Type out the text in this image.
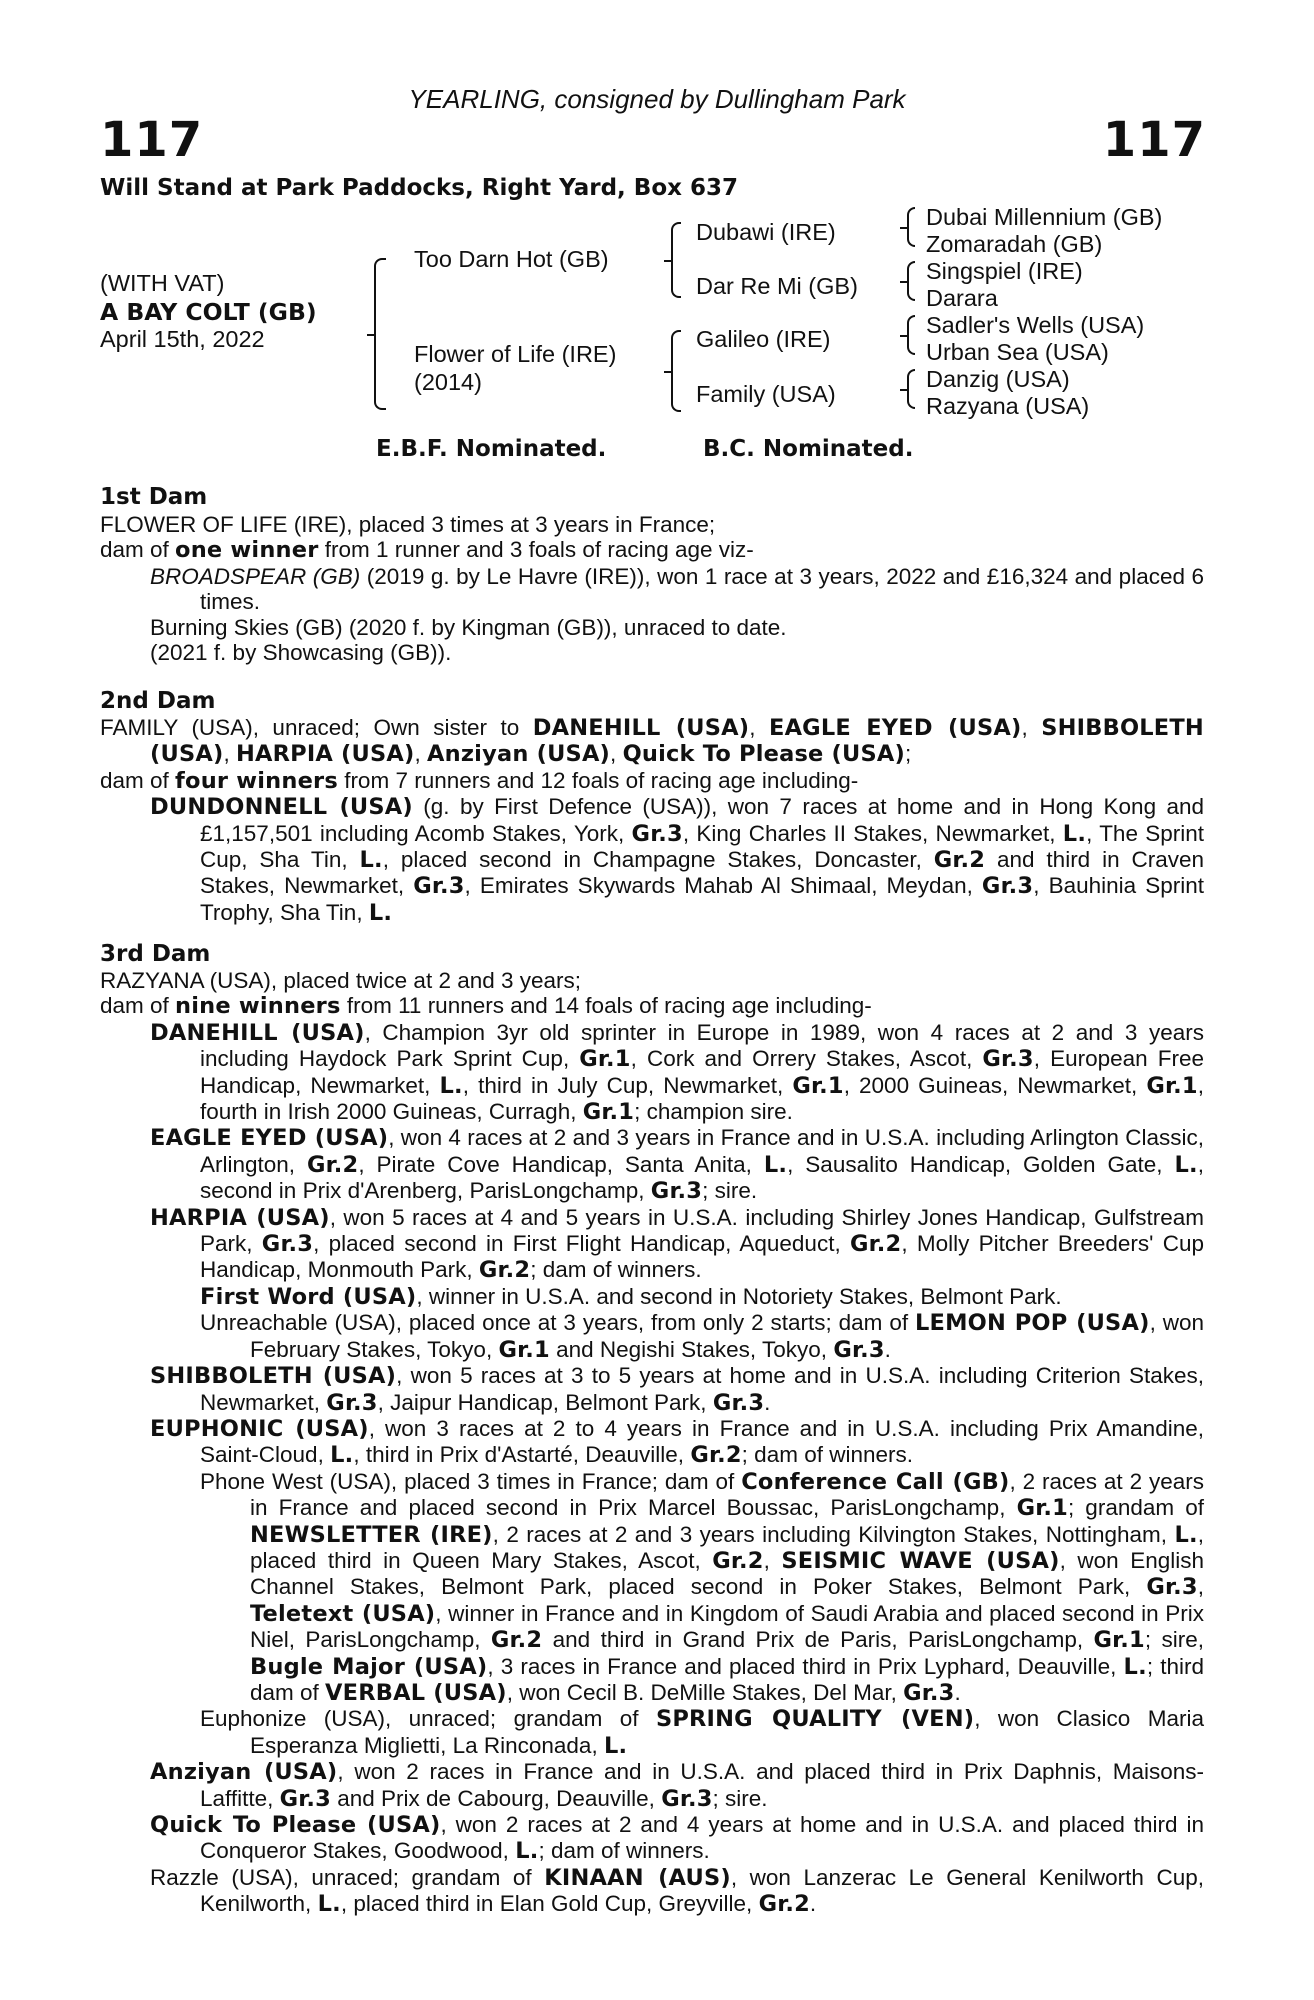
YEARLING, consigned by Dullingham Park
117	117
Will Stand at Park Paddocks, Right Yard, Box 637
(WITH VAT)
A BAY COLT (GB)
April 15th, 2022
Too Darn Hot (GB)
Flower of Life (IRE)
(2014)
Dubawi (IRE)
Dar Re Mi (GB)
Galileo (IRE)
Family (USA)
Dubai Millennium (GB)
Zomaradah (GB)
Singspiel (IRE)
Darara
Sadler's Wells (USA)
Urban Sea (USA)
Danzig (USA)
Razyana (USA)
E.B.F. Nominated.	B.C. Nominated.
1st Dam

FLOWER OF LIFE (IRE), placed 3 times at 3 years in France;

dam of one winner from 1 runner and 3 foals of racing age viz-

BROADSPEAR (GB) (2019 g. by Le Havre (IRE)), won 1 race at 3 years, 2022 and £16,324 and placed 6 times.

Burning Skies (GB) (2020 f. by Kingman (GB)), unraced to date.

(2021 f. by Showcasing (GB)).

2nd Dam

FAMILY (USA), unraced; Own sister to DANEHILL (USA), EAGLE EYED (USA), SHIBBOLETH (USA), HARPIA (USA), Anziyan (USA), Quick To Please (USA);

dam of four winners from 7 runners and 12 foals of racing age including-

DUNDONNELL (USA) (g. by First Defence (USA)), won 7 races at home and in Hong Kong and £1,157,501 including Acomb Stakes, York, Gr.3, King Charles II Stakes, Newmarket, L., The Sprint Cup, Sha Tin, L., placed second in Champagne Stakes, Doncaster, Gr.2 and third in Craven Stakes, Newmarket, Gr.3, Emirates Skywards Mahab Al Shimaal, Meydan, Gr.3, Bauhinia Sprint Trophy, Sha Tin, L.

3rd Dam

RAZYANA (USA), placed twice at 2 and 3 years;

dam of nine winners from 11 runners and 14 foals of racing age including-

DANEHILL (USA), Champion 3yr old sprinter in Europe in 1989, won 4 races at 2 and 3 years including Haydock Park Sprint Cup, Gr.1, Cork and Orrery Stakes, Ascot, Gr.3, European Free Handicap, Newmarket, L., third in July Cup, Newmarket, Gr.1, 2000 Guineas, Newmarket, Gr.1, fourth in Irish 2000 Guineas, Curragh, Gr.1; champion sire.

EAGLE EYED (USA), won 4 races at 2 and 3 years in France and in U.S.A. including Arlington Classic, Arlington, Gr.2, Pirate Cove Handicap, Santa Anita, L., Sausalito Handicap, Golden Gate, L., second in Prix d'Arenberg, ParisLongchamp, Gr.3; sire.

HARPIA (USA), won 5 races at 4 and 5 years in U.S.A. including Shirley Jones Handicap, Gulfstream Park, Gr.3, placed second in First Flight Handicap, Aqueduct, Gr.2, Molly Pitcher Breeders' Cup Handicap, Monmouth Park, Gr.2; dam of winners.

First Word (USA), winner in U.S.A. and second in Notoriety Stakes, Belmont Park.

Unreachable (USA), placed once at 3 years, from only 2 starts; dam of LEMON POP (USA), won February Stakes, Tokyo, Gr.1 and Negishi Stakes, Tokyo, Gr.3.

SHIBBOLETH (USA), won 5 races at 3 to 5 years at home and in U.S.A. including Criterion Stakes, Newmarket, Gr.3, Jaipur Handicap, Belmont Park, Gr.3.

EUPHONIC (USA), won 3 races at 2 to 4 years in France and in U.S.A. including Prix Amandine, Saint-Cloud, L., third in Prix d'Astarté, Deauville, Gr.2; dam of winners.

Phone West (USA), placed 3 times in France; dam of Conference Call (GB), 2 races at 2 years in France and placed second in Prix Marcel Boussac, ParisLongchamp, Gr.1; grandam of NEWSLETTER (IRE), 2 races at 2 and 3 years including Kilvington Stakes, Nottingham, L., placed third in Queen Mary Stakes, Ascot, Gr.2, SEISMIC WAVE (USA), won English Channel Stakes, Belmont Park, placed second in Poker Stakes, Belmont Park, Gr.3, Teletext (USA), winner in France and in Kingdom of Saudi Arabia and placed second in Prix Niel, ParisLongchamp, Gr.2 and third in Grand Prix de Paris, ParisLongchamp, Gr.1; sire, Bugle Major (USA), 3 races in France and placed third in Prix Lyphard, Deauville, L.; third dam of VERBAL (USA), won Cecil B. DeMille Stakes, Del Mar, Gr.3.

Euphonize (USA), unraced; grandam of SPRING QUALITY (VEN), won Clasico Maria Esperanza Miglietti, La Rinconada, L.

Anziyan (USA), won 2 races in France and in U.S.A. and placed third in Prix Daphnis, Maisons-Laffitte, Gr.3 and Prix de Cabourg, Deauville, Gr.3; sire.

Quick To Please (USA), won 2 races at 2 and 4 years at home and in U.S.A. and placed third in Conqueror Stakes, Goodwood, L.; dam of winners.

Razzle (USA), unraced; grandam of KINAAN (AUS), won Lanzerac Le General Kenilworth Cup, Kenilworth, L., placed third in Elan Gold Cup, Greyville, Gr.2.
